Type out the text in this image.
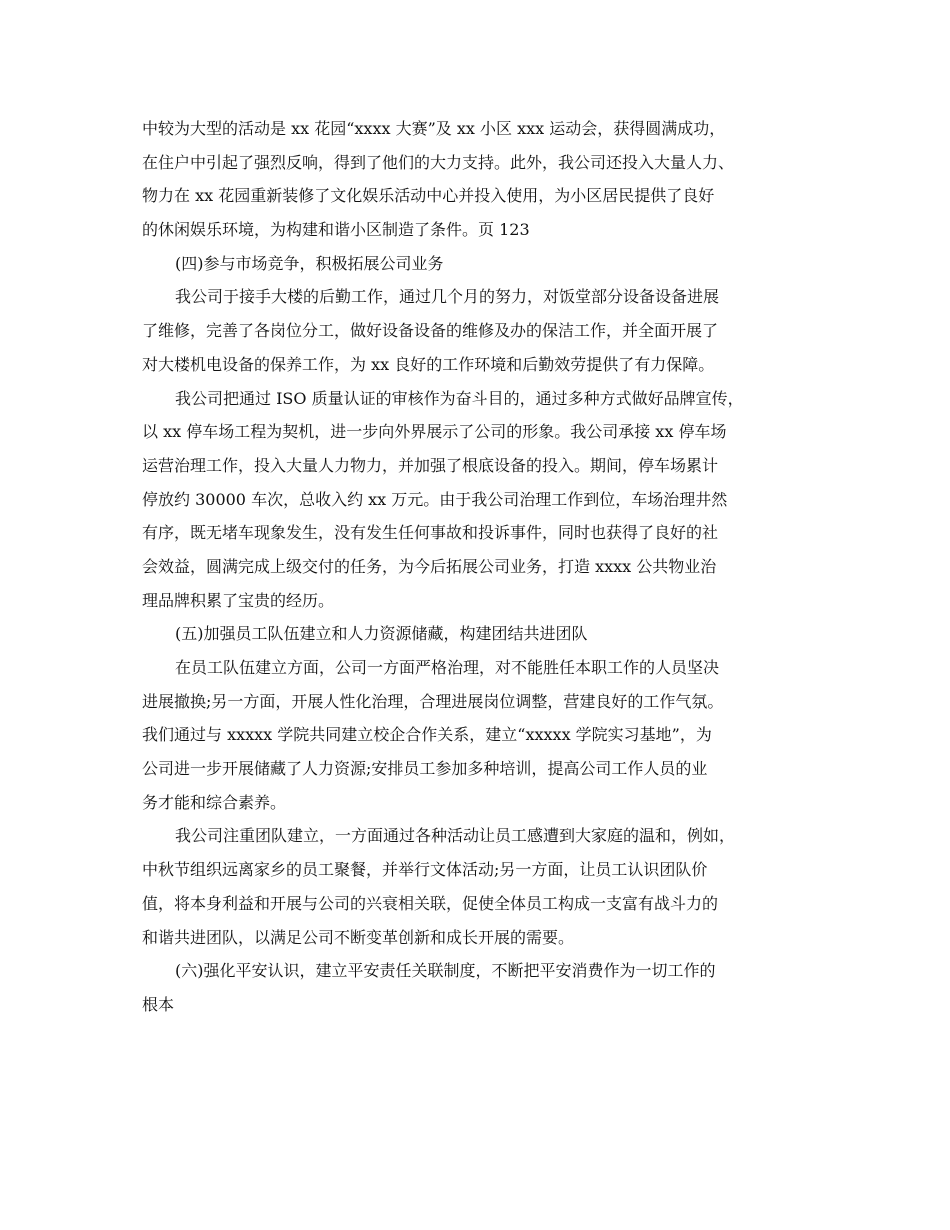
中较为大型的活动是 xx 花园“xxxx 大赛”及 xx 小区 xxx 运动会，获得圆满成功，
在住户中引起了强烈反响，得到了他们的大力支持。此外，我公司还投入大量人力、
物力在 xx 花园重新装修了文化娱乐活动中心并投入使用，为小区居民提供了良好
的休闲娱乐环境，为构建和谐小区制造了条件。页 123
(四)参与市场竞争，积极拓展公司业务
我公司于接手大楼的后勤工作，通过几个月的努力，对饭堂部分设备设备进展
了维修，完善了各岗位分工，做好设备设备的维修及办的保洁工作，并全面开展了
对大楼机电设备的保养工作，为 xx 良好的工作环境和后勤效劳提供了有力保障。
我公司把通过 ISO 质量认证的审核作为奋斗目的，通过多种方式做好品牌宣传，
以 xx 停车场工程为契机，进一步向外界展示了公司的形象。我公司承接 xx 停车场
运营治理工作，投入大量人力物力，并加强了根底设备的投入。期间，停车场累计
停放约 30000 车次，总收入约 xx 万元。由于我公司治理工作到位，车场治理井然
有序，既无堵车现象发生，没有发生任何事故和投诉事件，同时也获得了良好的社
会效益，圆满完成上级交付的任务，为今后拓展公司业务，打造 xxxx 公共物业治
理品牌积累了宝贵的经历。
(五)加强员工队伍建立和人力资源储藏，构建团结共进团队
在员工队伍建立方面，公司一方面严格治理，对不能胜任本职工作的人员坚决
进展撤换;另一方面，开展人性化治理，合理进展岗位调整，营建良好的工作气氛。
我们通过与 xxxxx 学院共同建立校企合作关系，建立“xxxxx 学院实习基地”，为
公司进一步开展储藏了人力资源;安排员工参加多种培训，提高公司工作人员的业
务才能和综合素养。
我公司注重团队建立，一方面通过各种活动让员工感遭到大家庭的温和，例如，
中秋节组织远离家乡的员工聚餐，并举行文体活动;另一方面，让员工认识团队价
值，将本身利益和开展与公司的兴衰相关联，促使全体员工构成一支富有战斗力的
和谐共进团队，以满足公司不断变革创新和成长开展的需要。
(六)强化平安认识，建立平安责任关联制度，不断把平安消费作为一切工作的
根本
